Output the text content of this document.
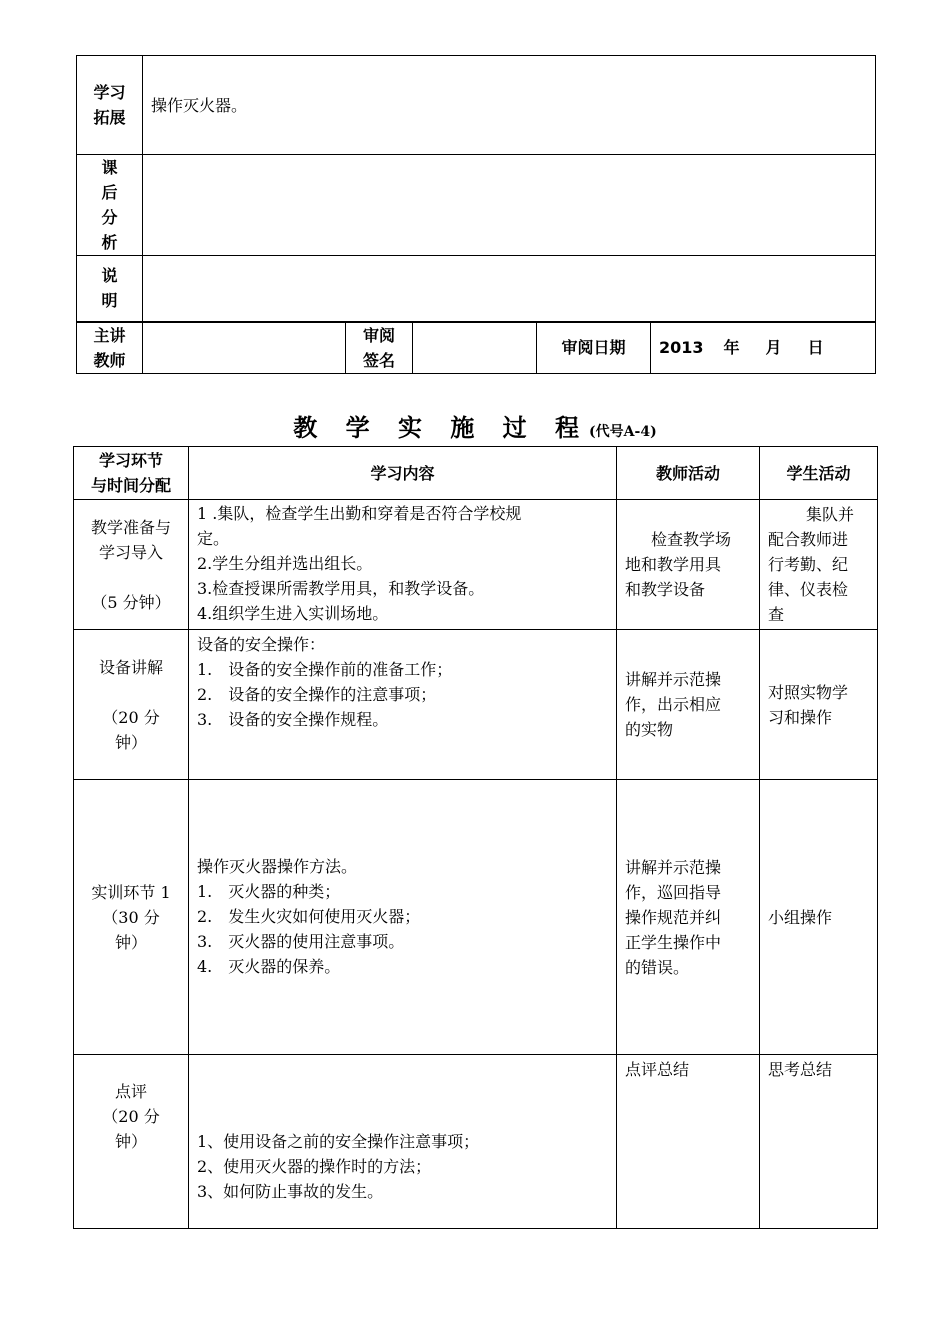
学习
拓展	操作灭火器。				

课
后
分
析					

说
明					

主讲
教师		审阅
签名		审阅日期	2013 年 月 日
教 学 实 施 过 程(代号A-4)
学习环节
与时间分配	学习内容	教师活动	学生活动

教学准备与
学习导入
（5 分钟）	1 .集队，检查学生出勤和穿着是否符合学校规
定。
2.学生分组并选出组长。
3.检查授课所需教学用具，和教学设备。
4.组织学生进入实训场地。	检查教学场
地和教学用具
和教学设备	集队并
配合教师进
行考勤、纪
律、仪表检
查

设备讲解
（20 分
钟）	设备的安全操作：
1.　设备的安全操作前的准备工作；
2.　设备的安全操作的注意事项；
3.　设备的安全操作规程。	讲解并示范操
作，出示相应
的实物	对照实物学
习和操作

实训环节 1
（30 分
钟）	操作灭火器操作方法。
1.　灭火器的种类；
2.　发生火灾如何使用灭火器；
3.　灭火器的使用注意事项。
4.　灭火器的保养。	讲解并示范操
作，巡回指导
操作规范并纠
正学生操作中
的错误。	小组操作

点评
（20 分
钟）	1、使用设备之前的安全操作注意事项；
2、使用灭火器的操作时的方法；
3、如何防止事故的发生。	点评总结	思考总结
